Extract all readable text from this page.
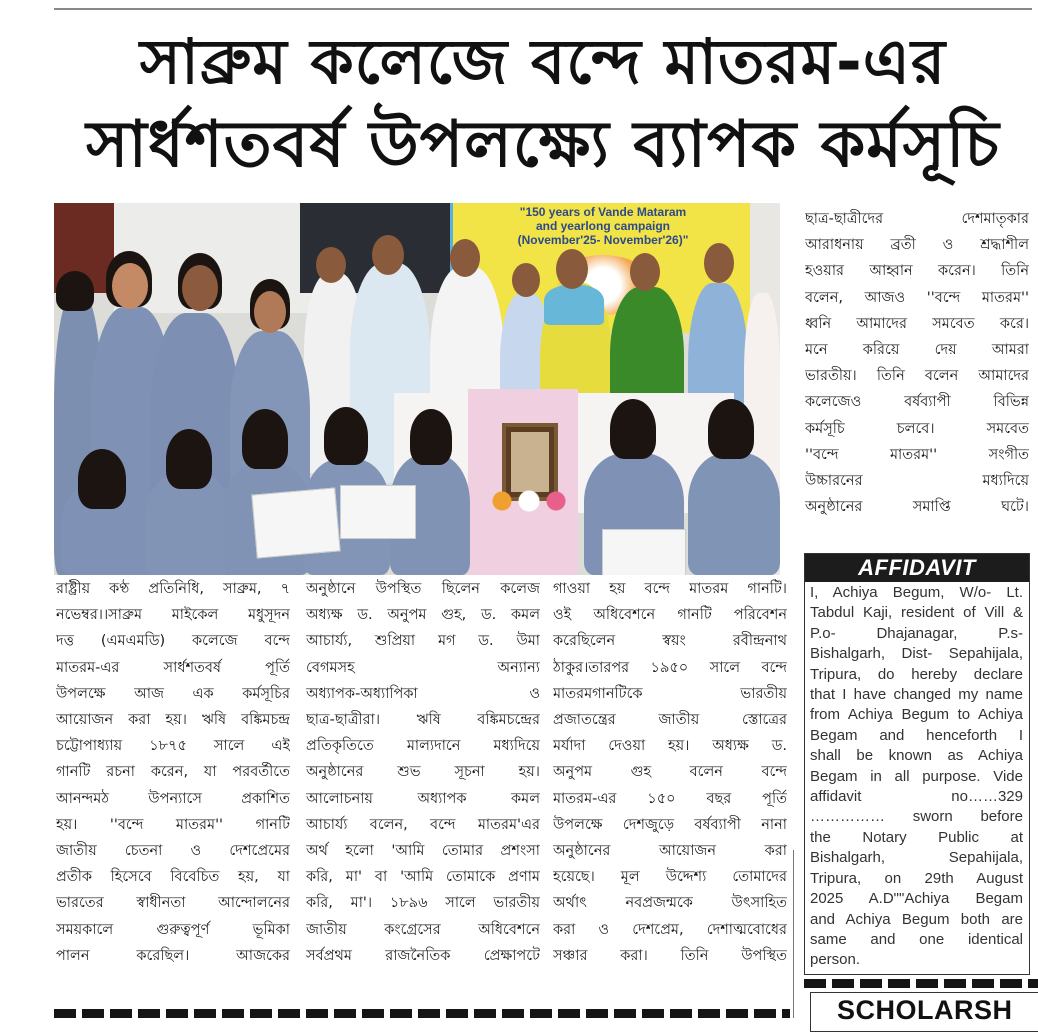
সাব্রুম কলেজে বন্দে মাতরম-এর
সার্ধশতবর্ষ উপলক্ষ্যে ব্যাপক কর্মসূচি
"150 years of Vande Mataram
and yearlong campaign
(November'25- November'26)"
রাষ্ট্রীয় কণ্ঠ প্রতিনিধি, সাব্রুম, ৭
নভেম্বর।।সাব্রুম মাইকেল মধুসূদন
দত্ত (এমএমডি) কলেজে বন্দে
মাতরম-এর সার্ধশতবর্ষ পূর্তি
উপলক্ষে আজ এক কর্মসূচির
আয়োজন করা হয়। ঋষি বঙ্কিমচন্দ্র
চট্টোপাধ্যায় ১৮৭৫ সালে এই
গানটি রচনা করেন, যা পরবর্তীতে
আনন্দমঠ উপন্যাসে প্রকাশিত
হয়। ''বন্দে মাতরম'' গানটি
জাতীয় চেতনা ও দেশপ্রেমের
প্রতীক হিসেবে বিবেচিত হয়, যা
ভারতের স্বাধীনতা আন্দোলনের
সময়কালে গুরুত্বপূর্ণ ভূমিকা
পালন করেছিল। আজকের
অনুষ্ঠানে উপস্থিত ছিলেন কলেজ
অধ্যক্ষ ড. অনুপম গুহ, ড. কমল
আচার্য্য, শুপ্রিয়া মগ ড. উমা
বেগমসহ অন্যান্য
অধ্যাপক-অধ্যাপিকা ও
ছাত্র-ছাত্রীরা। ঋষি বঙ্কিমচন্দ্রের
প্রতিকৃতিতে মাল্যদানে মধ্যদিয়ে
অনুষ্ঠানের শুভ সূচনা হয়।
আলোচনায় অধ্যাপক কমল
আচার্য্য বলেন, বন্দে মাতরম'এর
অর্থ হলো 'আমি তোমার প্রশংসা
করি, মা' বা 'আমি তোমাকে প্রণাম
করি, মা'। ১৮৯৬ সালে ভারতীয়
জাতীয় কংগ্রেসের অধিবেশনে
সর্বপ্রথম রাজনৈতিক প্রেক্ষাপটে
গাওয়া হয় বন্দে মাতরম গানটি।
ওই অধিবেশনে গানটি পরিবেশন
করেছিলেন স্বয়ং রবীন্দ্রনাথ
ঠাকুর।তারপর ১৯৫০ সালে বন্দে
মাতরমগানটিকে ভারতীয়
প্রজাতন্ত্রের জাতীয় স্তোত্রের
মর্যাদা দেওয়া হয়। অধ্যক্ষ ড.
অনুপম গুহ বলেন বন্দে
মাতরম-এর ১৫০ বছর পূর্তি
উপলক্ষে দেশজুড়ে বর্ষব্যাপী নানা
অনুষ্ঠানের আয়োজন করা
হয়েছে। মূল উদ্দেশ্য তোমাদের
অর্থাৎ নবপ্রজন্মকে উৎসাহিত
করা ও দেশপ্রেম, দেশাত্মবোধের
সঞ্চার করা। তিনি উপস্থিত
ছাত্র-ছাত্রীদের দেশমাতৃকার
আরাধনায় ব্রতী ও শ্রদ্ধাশীল
হওয়ার আহ্বান করেন। তিনি
বলেন, আজও ''বন্দে মাতরম''
ধ্বনি আমাদের সমবেত করে।
মনে করিয়ে দেয় আমরা
ভারতীয়। তিনি বলেন আমাদের
কলেজেও বর্ষব্যাপী বিভিন্ন
কর্মসূচি চলবে। সমবেত
''বন্দে মাতরম'' সংগীত
উচ্চারনের মধ্যদিয়ে
অনুষ্ঠানের সমাপ্তি ঘটে।
AFFIDAVIT
I, Achiya Begum, W/o- Lt.
Tabdul Kaji, resident of Vill &
P.o- Dhajanagar, P.s-
Bishalgarh, Dist- Sepahijala,
Tripura, do hereby declare
that I have changed my name
from Achiya Begum to Achiya
Begam and henceforth I
shall be known as Achiya
Begam in all purpose. Vide
affidavit no……329
…………… sworn before
the Notary Public at
Bishalgarh, Sepahijala,
Tripura, on 29th August
2025 A.D""Achiya Begam
and Achiya Begum both are
same and one identical
person.
SCHOLARSH
